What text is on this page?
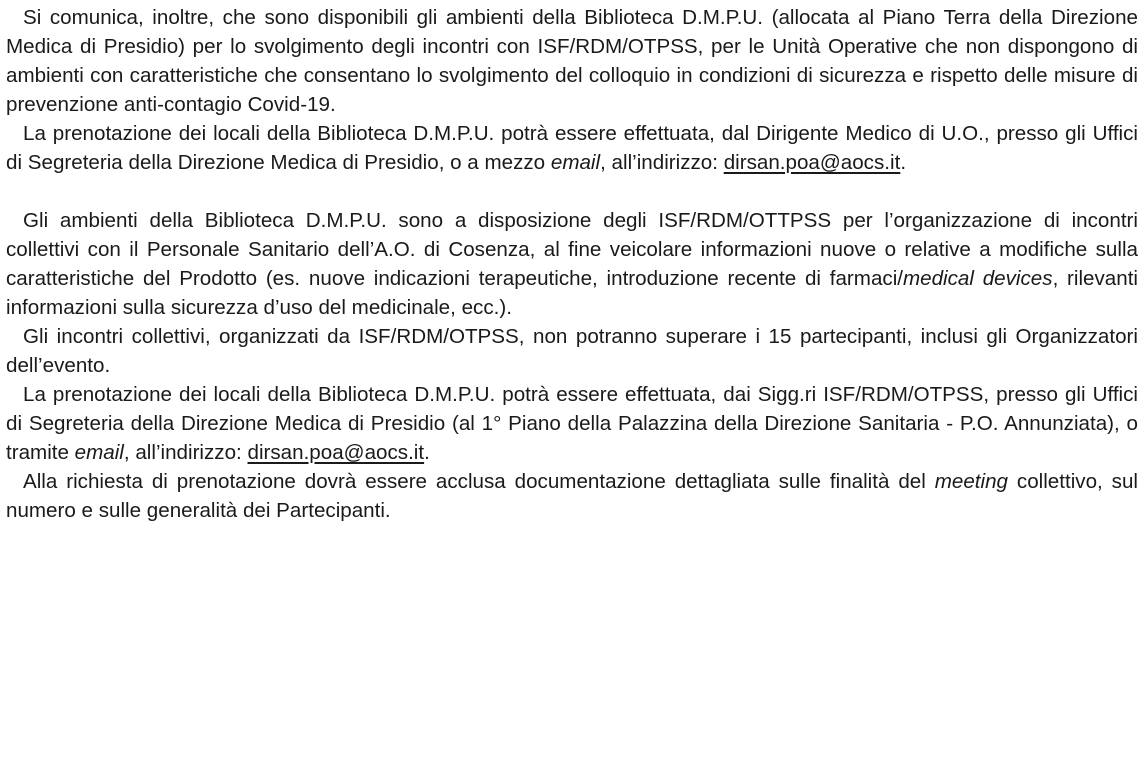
Si comunica, inoltre, che sono disponibili gli ambienti della Biblioteca D.M.P.U. (allocata al Piano Terra della Direzione Medica di Presidio) per lo svolgimento degli incontri con ISF/RDM/OTPSS, per le Unità Operative che non dispongono di ambienti con caratteristiche che consentano lo svolgimento del colloquio in condizioni di sicurezza e rispetto delle misure di prevenzione anti-contagio Covid-19.

La prenotazione dei locali della Biblioteca D.M.P.U. potrà essere effettuata, dal Dirigente Medico di U.O., presso gli Uffici di Segreteria della Direzione Medica di Presidio, o a mezzo email, all’indirizzo: dirsan.poa@aocs.it.

Gli ambienti della Biblioteca D.M.P.U. sono a disposizione degli ISF/RDM/OTTPSS per l’organizzazione di incontri collettivi con il Personale Sanitario dell’A.O. di Cosenza, al fine veicolare informazioni nuove o relative a modifiche sulla caratteristiche del Prodotto (es. nuove indicazioni terapeutiche, introduzione recente di farmaci/medical devices, rilevanti informazioni sulla sicurezza d’uso del medicinale, ecc.).

Gli incontri collettivi, organizzati da ISF/RDM/OTPSS, non potranno superare i 15 partecipanti, inclusi gli Organizzatori dell’evento.

La prenotazione dei locali della Biblioteca D.M.P.U. potrà essere effettuata, dai Sigg.ri ISF/RDM/OTPSS, presso gli Uffici di Segreteria della Direzione Medica di Presidio (al 1° Piano della Palazzina della Direzione Sanitaria - P.O. Annunziata), o tramite email, all’indirizzo: dirsan.poa@aocs.it.

Alla richiesta di prenotazione dovrà essere acclusa documentazione dettagliata sulle finalità del meeting collettivo, sul numero e sulle generalità dei Partecipanti.
